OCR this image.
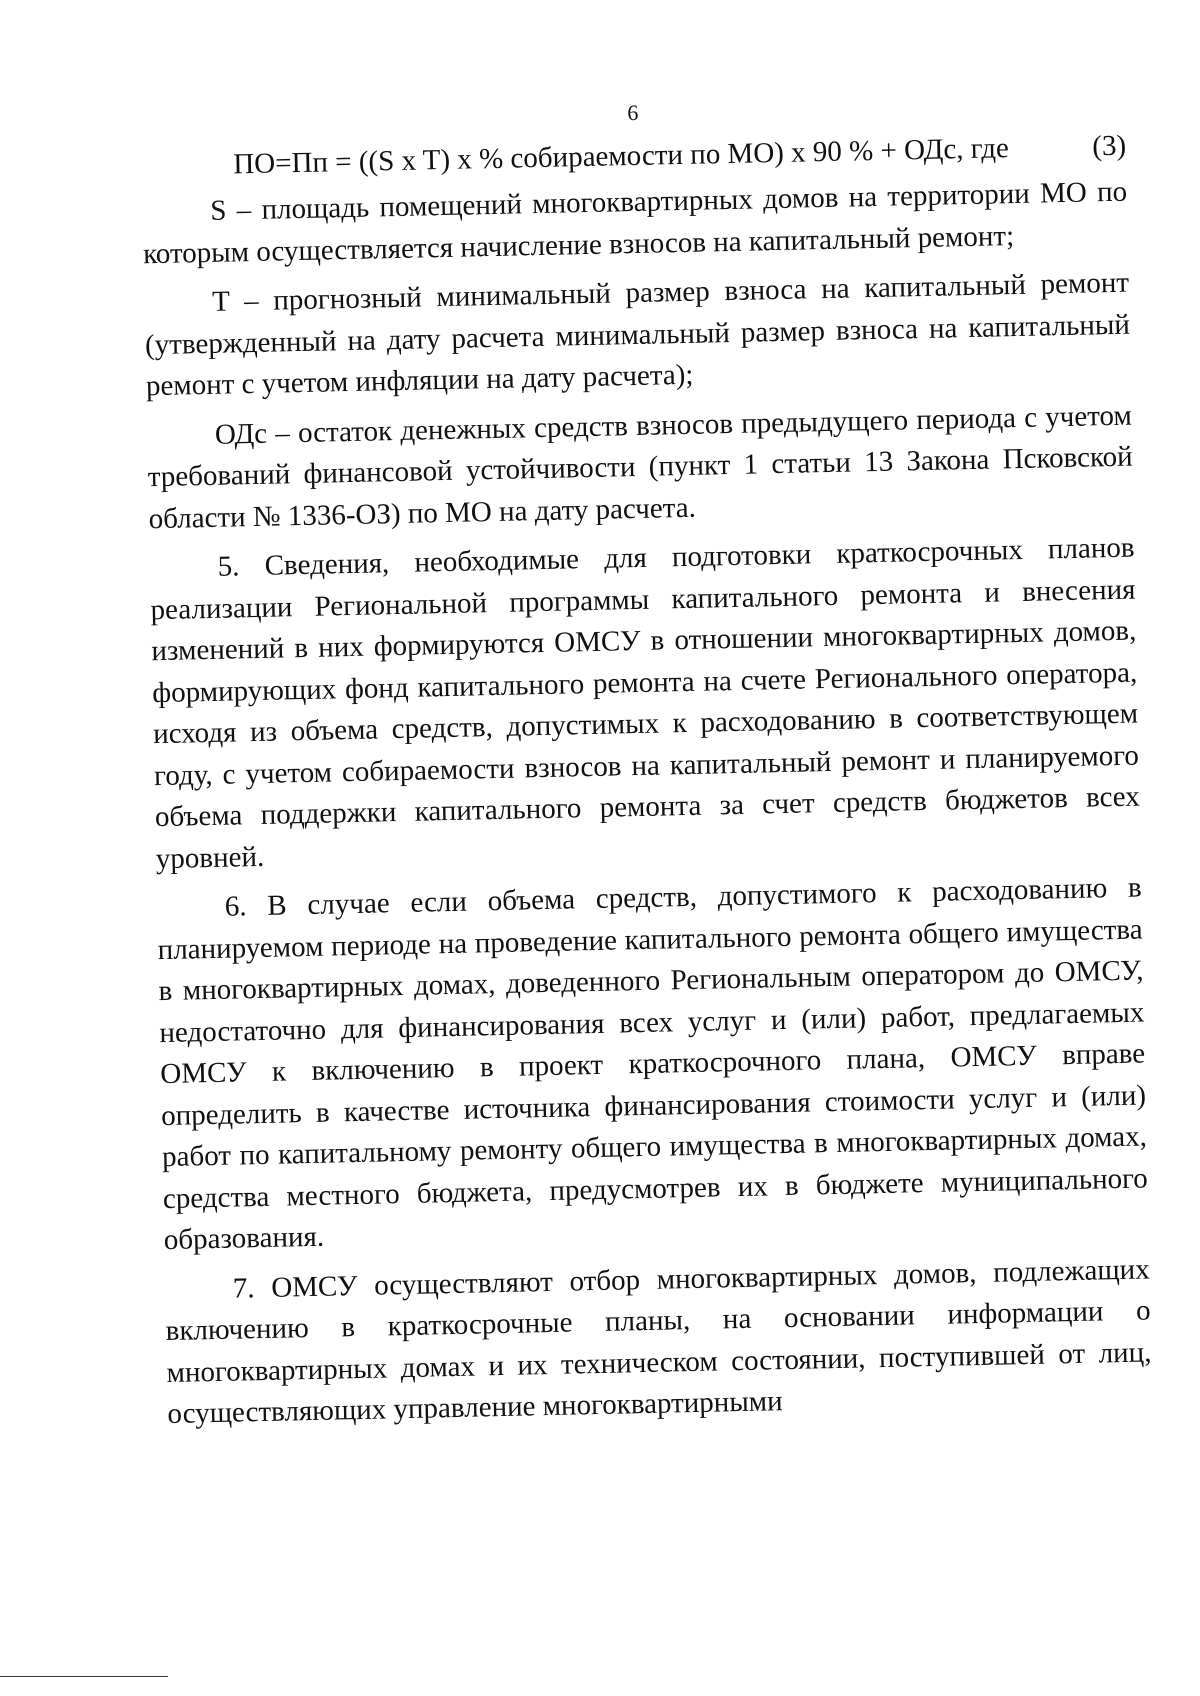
6
ПО=Пп = ((S x T) x % собираемости по МО) x 90 % + ОДс, где	(3)

S – площадь помещений многоквартирных домов на территории МО по которым осуществляется начисление взносов на капитальный ремонт;

T – прогнозный минимальный размер взноса на капитальный ремонт (утвержденный на дату расчета минимальный размер взноса на капитальный ремонт с учетом инфляции на дату расчета);

ОДс – остаток денежных средств взносов предыдущего периода с учетом требований финансовой устойчивости (пункт 1 статьи 13 Закона Псковской области № 1336-ОЗ) по МО на дату расчета.

5. Сведения, необходимые для подготовки краткосрочных планов реализации Региональной программы капитального ремонта и внесения изменений в них формируются ОМСУ в отношении многоквартирных домов, формирующих фонд капитального ремонта на счете Регионального оператора, исходя из объема средств, допустимых к расходованию в соответствующем году, с учетом собираемости взносов на капитальный ремонт и планируемого объема поддержки капитального ремонта за счет средств бюджетов всех уровней.

6. В случае если объема средств, допустимого к расходованию в планируемом периоде на проведение капитального ремонта общего имущества в многоквартирных домах, доведенного Региональным оператором до ОМСУ, недостаточно для финансирования всех услуг и (или) работ, предлагаемых ОМСУ к включению в проект краткосрочного плана, ОМСУ вправе определить в качестве источника финансирования стоимости услуг и (или) работ по капитальному ремонту общего имущества в многоквартирных домах, средства местного бюджета, предусмотрев их в бюджете муниципального образования.

7. ОМСУ осуществляют отбор многоквартирных домов, подлежащих включению в краткосрочные планы, на основании информации о многоквартирных домах и их техническом состоянии, поступившей от лиц, осуществляющих управление многоквартирными
